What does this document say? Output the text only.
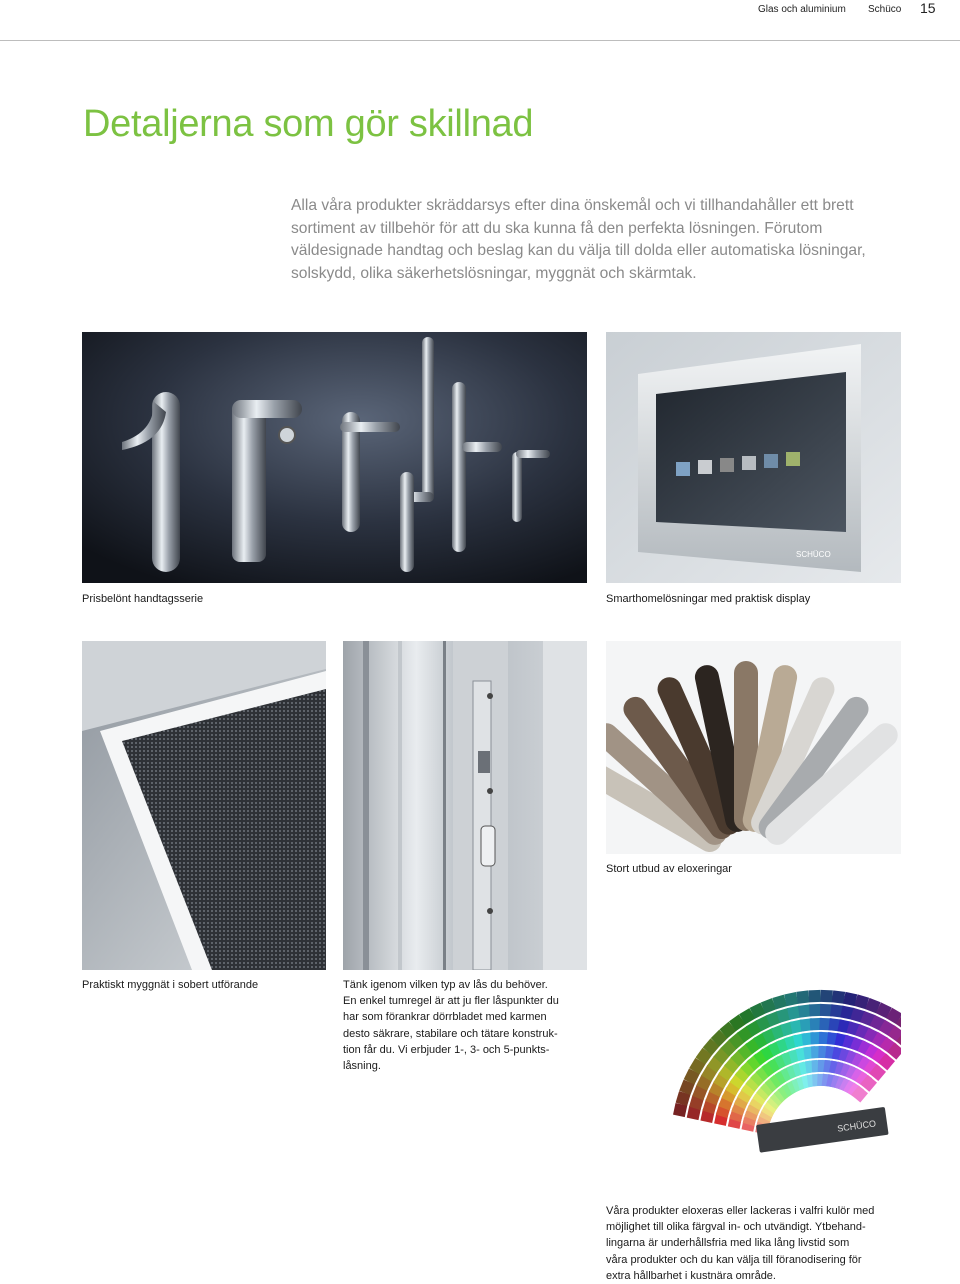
Glas och aluminium Schüco 15
Detaljerna som gör skillnad
Alla våra produkter skräddarsys efter dina önskemål och vi tillhandahåller ett brett
sortiment av tillbehör för att du ska kunna få den perfekta lösningen. Förutom
väldesignade handtag och beslag kan du välja till dolda eller automatiska lösningar,
solskydd, olika säkerhetslösningar, myggnät och skärmtak.
SCHÜCO
Prisbelönt handtagsserie	Smarthomelösningar med praktisk display
Stort utbud av eloxeringar
Praktiskt myggnät i sobert utförande	Tänk igenom vilken typ av lås du behöver.
En enkel tumregel är att ju fler låspunkter du
har som förankrar dörrbladet med karmen
desto säkrare, stabilare och tätare konstruk-
tion får du. Vi erbjuder 1-, 3- och 5-punkts-
låsning.
SCHÜCO
Våra produkter eloxeras eller lackeras i valfri kulör med
möjlighet till olika färgval in- och utvändigt. Ytbehand-
lingarna är underhållsfria med lika lång livstid som
våra produkter och du kan välja till föranodisering för
extra hållbarhet i kustnära område.
